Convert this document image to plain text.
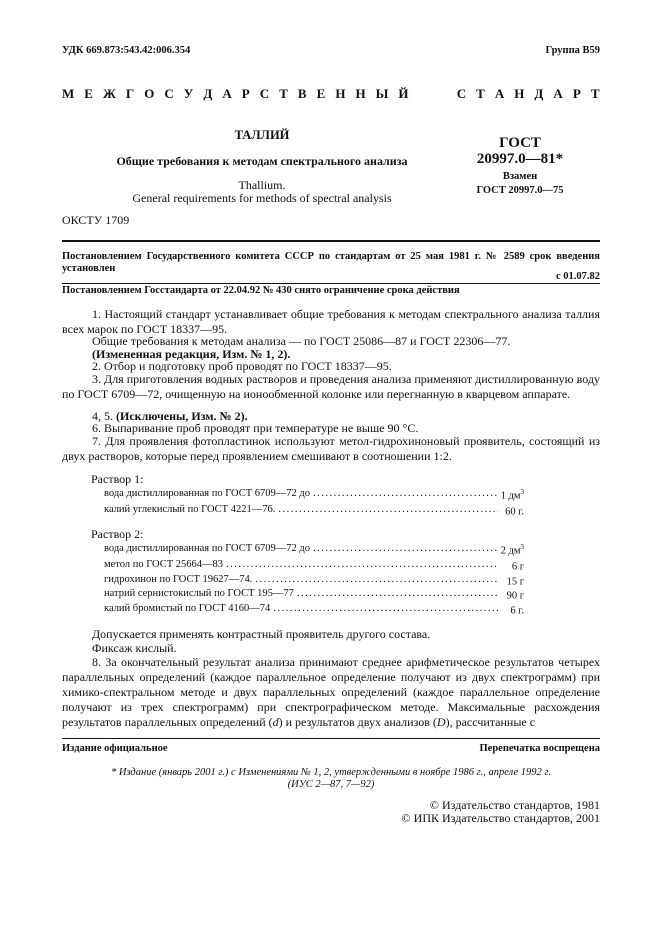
УДК 669.873:543.42:006.354	Группа B59
М Е Ж Г О С У Д А Р С Т В Е Н Н Ы Й     С Т А Н Д А Р Т
ТАЛЛИЙ
Общие требования к методам спектрального анализа
Thallium.
General requirements for methods of spectral analysis
ГОСТ
20997.0—81*
Взамен
ГОСТ 20997.0—75
ОКСТУ 1709
Постановлением Государственного комитета СССР по стандартам от 25 мая 1981 г. № 2589 срок введения установлен
с 01.07.82
Постановлением Госстандарта от 22.04.92 № 430 снято ограничение срока действия
1. Настоящий стандарт устанавливает общие требования к методам спектрального анализа таллия всех марок по ГОСТ 18337—95.
Общие требования к методам анализа — по ГОСТ 25086—87 и ГОСТ 22306—77.
(Измененная редакция, Изм. № 1, 2).
2. Отбор и подготовку проб проводят по ГОСТ 18337—95.
3. Для приготовления водных растворов и проведения анализа применяют дистиллированную воду по ГОСТ 6709—72, очищенную на ионообменной колонке или перегнанную в кварцевом аппарате.
4, 5. (Исключены, Изм. № 2).
6. Выпаривание проб проводят при температуре не выше 90 °С.
7. Для проявления фотопластинок используют метол-гидрохиноновый проявитель, состоящий из двух растворов, которые перед проявлением смешивают в соотношении 1:2.
Раствор 1:
вода дистиллированная по ГОСТ 6709—72 до .....	1 $дм^3$
калий углекислый по ГОСТ 4221—76. .....	60 г.
Раствор 2:
вода дистиллированная по ГОСТ 6709—72 до .....	2 $дм^3$
метол по ГОСТ 25664—83 .....	6 г
гидрохинон по ГОСТ 19627—74. .....	15 г
натрий сернистокислый по ГОСТ 195—77 .....	90 г
калий бромистый по ГОСТ 4160—74 .....	6 г.
Допускается применять контрастный проявитель другого состава.
Фиксаж кислый.
8. За окончательный результат анализа принимают среднее арифметическое результатов четырех параллельных определений (каждое параллельное определение получают из двух спектрограмм) при химико-спектральном методе и двух параллельных определений (каждое параллельное определение получают из трех спектрограмм) при спектрографическом методе. Максимальные расхождения результатов параллельных определений (d) и результатов двух анализов (D), рассчитанные с
Издание официальное	Перепечатка воспрещена
* Издание (январь 2001 г.) с Изменениями № 1, 2, утвержденными в ноябре 1986 г., апреле 1992 г.
(ИУС 2—87, 7—92)
© Издательство стандартов, 1981
© ИПК Издательство стандартов, 2001
